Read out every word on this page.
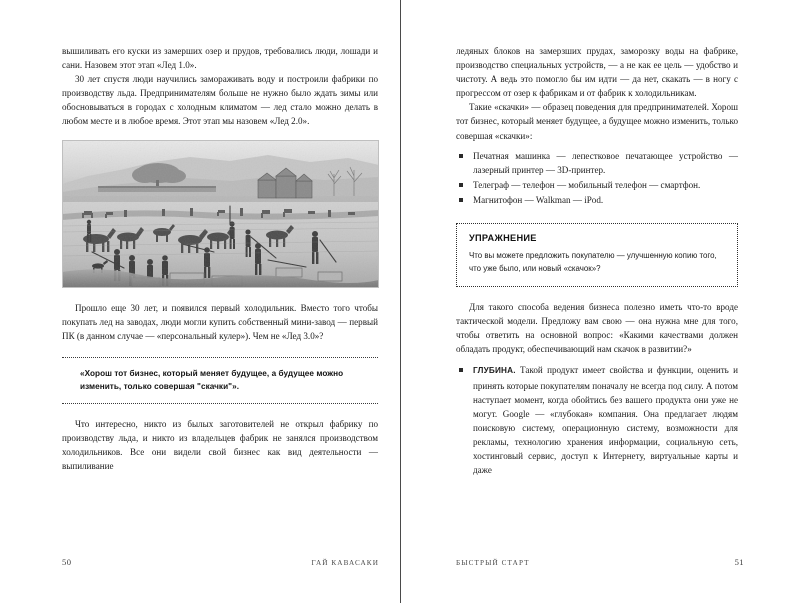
вышиливать его куски из замерших озер и прудов, требовались люди, лошади и сани. Назовем этот этап «Лед 1.0».

30 лет спустя люди научились замораживать воду и построили фабрики по производству льда. Предпринимателям больше не нужно было ждать зимы или обосновываться в городах с холодным климатом — лед стало можно делать в любом месте и в любое время. Этот этап мы назовем «Лед 2.0».

Прошло еще 30 лет, и появился первый холодильник. Вместо того чтобы покупать лед на заводах, люди могли купить собственный мини-завод — первый ПК (в данном случае — «персональный кулер»). Чем не «Лед 3.0»?

«Хорош тот бизнес, который меняет будущее, а будущее можно изменить, только совершая "скачки"».

Что интересно, никто из былых заготовителей не открыл фабрику по производству льда, и никто из владельцев фабрик не занялся производством холодильников. Все они видели свой бизнес как вид деятельности — выпиливание

50	ГАЙ КАВАСАКИ

ледяных блоков на замерзших прудах, заморозку воды на фабрике, производство специальных устройств, — а не как ее цель — удобство и чистоту. А ведь это помогло бы им идти — да нет, скакать — в ногу с прогрессом от озер к фабрикам и от фабрик к холодильникам.

Такие «скачки» — образец поведения для предпринимателей. Хорош тот бизнес, который меняет будущее, а будущее можно изменить, только совершая «скачки»:

Печатная машинка — лепестковое печатающее устройство — лазерный принтер — 3D-принтер.
Телеграф — телефон — мобильный телефон — смартфон.
Магнитофон — Walkman — iPod.
УПРАЖНЕНИЕ

Что вы можете предложить покупателю — улучшенную копию того, что уже было, или новый «скачок»?

Для такого способа ведения бизнеса полезно иметь что-то вроде тактической модели. Предложу вам свою — она нужна мне для того, чтобы ответить на основной вопрос: «Какими качествами должен обладать продукт, обеспечивающий нам скачок в развитии?»

ГЛУБИНА. Такой продукт имеет свойства и функции, оценить и принять которые покупателям поначалу не всегда под силу. А потом наступает момент, когда обойтись без вашего продукта они уже не могут. Google — «глубокая» компания. Она предлагает людям поисковую систему, операционную систему, возможности для рекламы, технологию хранения информации, социальную сеть, хостинговый сервис, доступ к Интернету, виртуальные карты и даже
БЫСТРЫЙ СТАРТ	51
